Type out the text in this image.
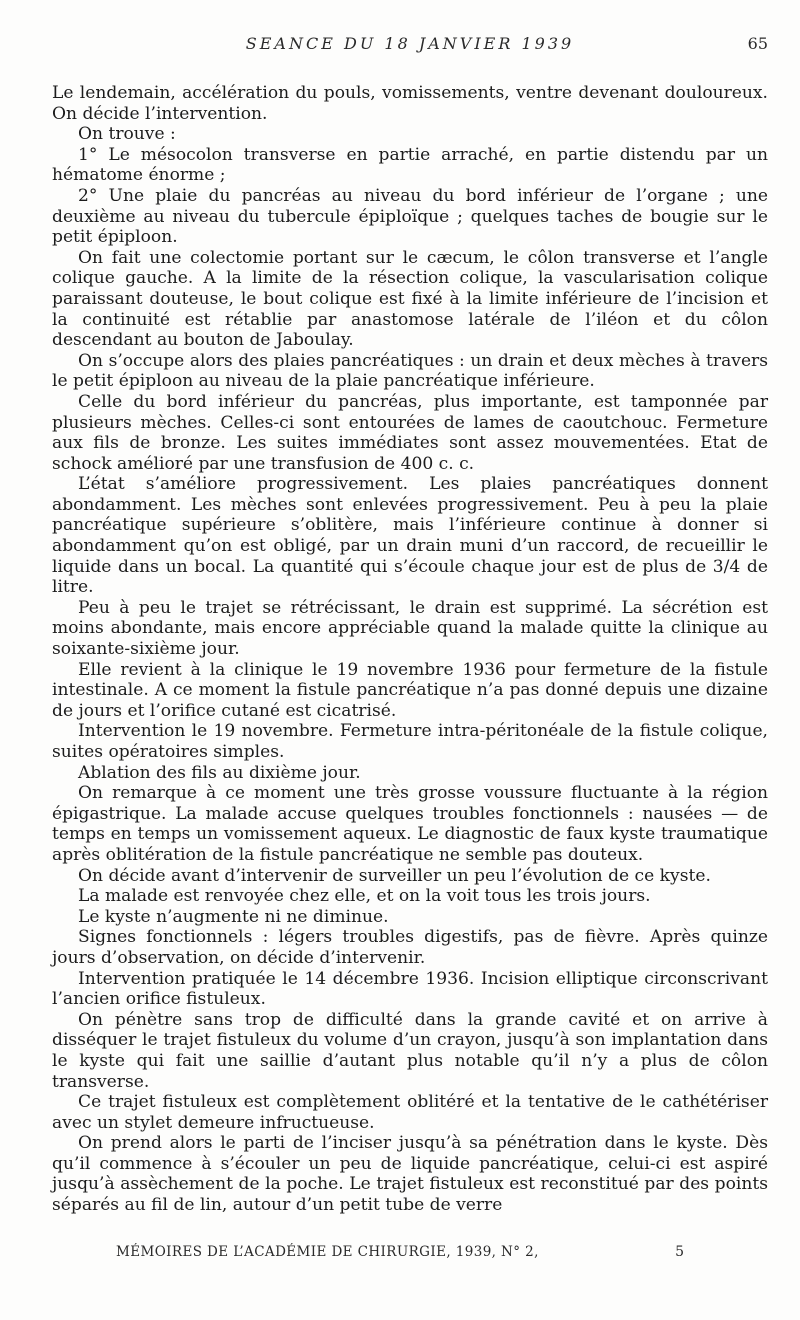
SEANCE DU 18 JANVIER 1939	65

Le lendemain, accélération du pouls, vomissements, ventre devenant douloureux. On décide l’intervention.

On trouve :

1° Le mésocolon transverse en partie arraché, en partie distendu par un hématome énorme ;

2° Une plaie du pancréas au niveau du bord inférieur de l’organe ; une deuxième au niveau du tubercule épiploïque ; quelques taches de bougie sur le petit épiploon.

On fait une colectomie portant sur le cæcum, le côlon transverse et l’angle colique gauche. A la limite de la résection colique, la vascularisation colique paraissant douteuse, le bout colique est fixé à la limite inférieure de l’incision et la continuité est rétablie par anastomose latérale de l’iléon et du côlon descendant au bouton de Jaboulay.

On s’occupe alors des plaies pancréatiques : un drain et deux mèches à travers le petit épiploon au niveau de la plaie pancréatique inférieure.

Celle du bord inférieur du pancréas, plus importante, est tamponnée par plusieurs mèches. Celles-ci sont entourées de lames de caoutchouc. Fermeture aux fils de bronze. Les suites immédiates sont assez mouvementées. Etat de schock amélioré par une transfusion de 400 c. c.

L’état s’améliore progressivement. Les plaies pancréatiques donnent abondamment. Les mèches sont enlevées progressivement. Peu à peu la plaie pancréatique supérieure s’oblitère, mais l’inférieure continue à donner si abondamment qu’on est obligé, par un drain muni d’un raccord, de recueillir le liquide dans un bocal. La quantité qui s’écoule chaque jour est de plus de 3/4 de litre.

Peu à peu le trajet se rétrécissant, le drain est supprimé. La sécrétion est moins abondante, mais encore appréciable quand la malade quitte la clinique au soixante-sixième jour.

Elle revient à la clinique le 19 novembre 1936 pour fermeture de la fistule intestinale. A ce moment la fistule pancréatique n’a pas donné depuis une dizaine de jours et l’orifice cutané est cicatrisé.

Intervention le 19 novembre. Fermeture intra-péritonéale de la fistule colique, suites opératoires simples.

Ablation des fils au dixième jour.

On remarque à ce moment une très grosse voussure fluctuante à la région épigastrique. La malade accuse quelques troubles fonctionnels : nausées — de temps en temps un vomissement aqueux. Le diagnostic de faux kyste traumatique après oblitération de la fistule pancréatique ne semble pas douteux.

On décide avant d’intervenir de surveiller un peu l’évolution de ce kyste.

La malade est renvoyée chez elle, et on la voit tous les trois jours.

Le kyste n’augmente ni ne diminue.

Signes fonctionnels : légers troubles digestifs, pas de fièvre. Après quinze jours d’observation, on décide d’intervenir.

Intervention pratiquée le 14 décembre 1936. Incision elliptique circonscrivant l’ancien orifice fistuleux.

On pénètre sans trop de difficulté dans la grande cavité et on arrive à disséquer le trajet fistuleux du volume d’un crayon, jusqu’à son implantation dans le kyste qui fait une saillie d’autant plus notable qu’il n’y a plus de côlon transverse.

Ce trajet fistuleux est complètement oblitéré et la tentative de le cathétériser avec un stylet demeure infructueuse.

On prend alors le parti de l’inciser jusqu’à sa pénétration dans le kyste. Dès qu’il commence à s’écouler un peu de liquide pancréatique, celui-ci est aspiré jusqu’à assèchement de la poche. Le trajet fistuleux est reconstitué par des points séparés au fil de lin, autour d’un petit tube de verre

MÉMOIRES DE L’ACADÉMIE DE CHIRURGIE, 1939, N° 2,	5
